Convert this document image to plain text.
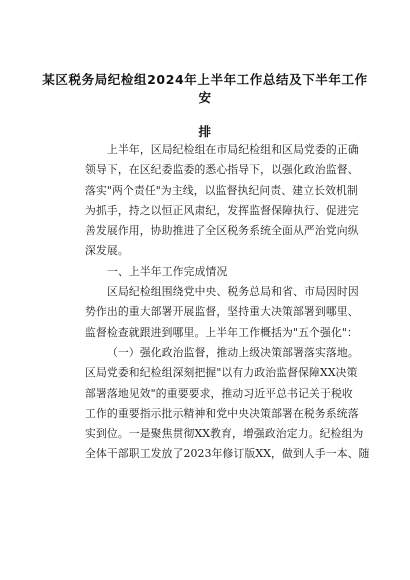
某区税务局纪检组2024年上半年工作总结及下半年工作安
排
上半年，区局纪检组在市局纪检组和区局党委的正确
领导下，在区纪委监委的悉心指导下，以强化政治监督、
落实"两个责任"为主线，以监督执纪问责、建立长效机制
为抓手，持之以恒正风肃纪，发挥监督保障执行、促进完
善发展作用，协助推进了全区税务系统全面从严治党向纵
深发展。
一、上半年工作完成情况
区局纪检组围绕党中央、税务总局和省、市局因时因
势作出的重大部署开展监督，坚持重大决策部署到哪里、
监督检查就跟进到哪里。上半年工作概括为"五个强化"：
（一）强化政治监督，推动上级决策部署落实落地。
区局党委和纪检组深刻把握"以有力政治监督保障XX决策
部署落地见效"的重要要求，推动习近平总书记关于税收
工作的重要指示批示精神和党中央决策部署在税务系统落
实到位。一是聚焦贯彻XX教育，增强政治定力。纪检组为
全体干部职工发放了2023年修订版XX，做到人手一本、随
